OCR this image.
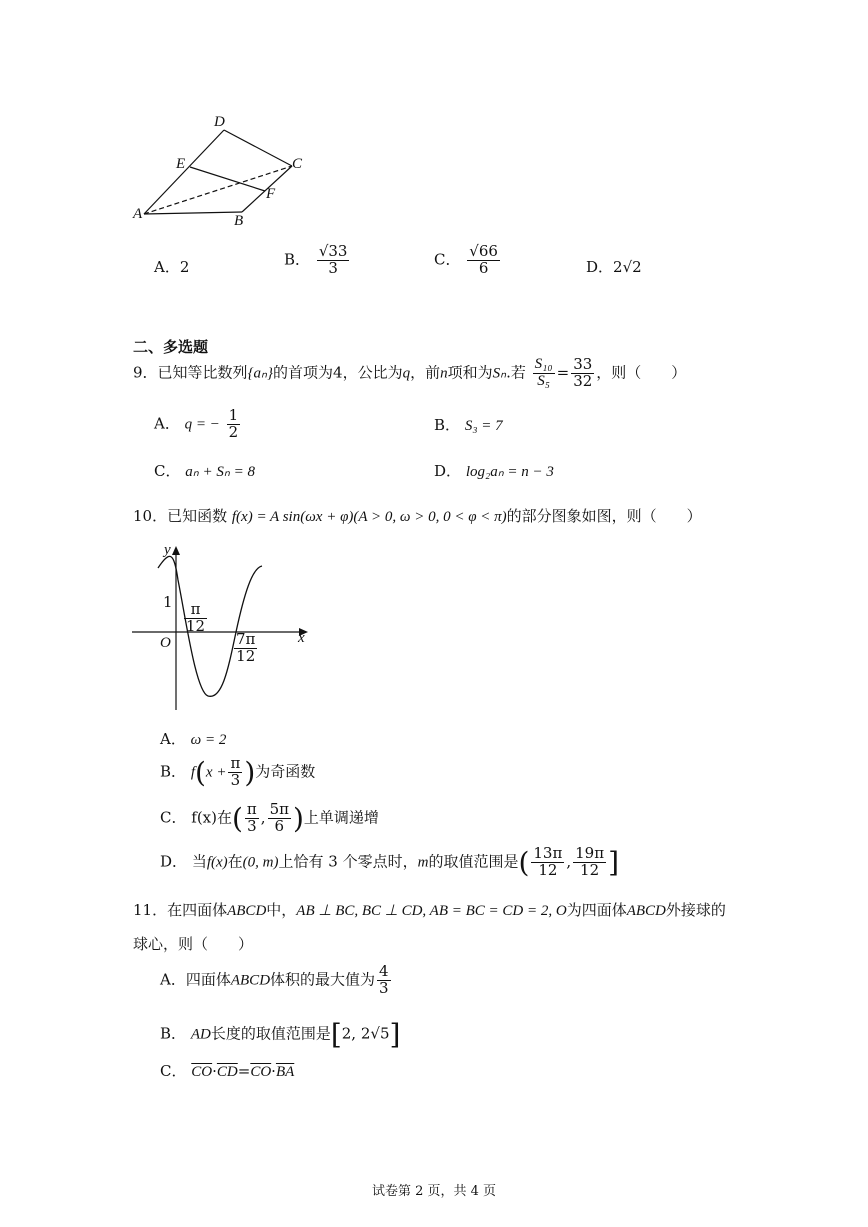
D
E	C
F
A	B
A．2	B． $\frac{√33}{3}$	C． $\frac{√66}{6}$	D．2√2
二、多选题
9．已知等比数列{aₙ}的首项为4，公比为q，前n项和为Sₙ.若 $\frac{\text{S₁₀}}{\text{S₅}} = \frac{33}{32}$ ，则（　　）
A． q = − $\frac{1}{2}$	B． S₃ = 7
C． aₙ + Sₙ = 8	D． log₂aₙ = n − 3
10．已知函数 f(x) = A sin(ωx + φ)(A > 0, ω > 0, 0 < φ < π)的部分图象如图，则（　　）
y
x
O
$1 \frac{\pi}{12}$
$\frac{7\pi}{12}$
A． ω = 2
B． $f(x + \frac{\pi}{3}$ )为奇函数
C． f(x)在( $\frac{\pi}{3}$ , $\frac{5\pi}{6}$ )上单调递增
D． 当f(x)在(0, m)上恰有 3 个零点时，m的取值范围是( $\frac{13\pi}{12}$ , $\frac{19\pi}{12}$ ]
11．在四面体ABCD中，AB ⊥ BC, BC ⊥ CD, AB = BC = CD = 2, O为四面体ABCD外接球的
球心，则（　　）
A．四面体ABCD体积的最大值为 $\frac{4}{3}$
B． AD长度的取值范围是[2, 2√5]
C． $\overline{CO}\cdot\overline{CD}=\overline{CO}\cdot\overline{BA}$
试卷第 2 页，共 4 页
